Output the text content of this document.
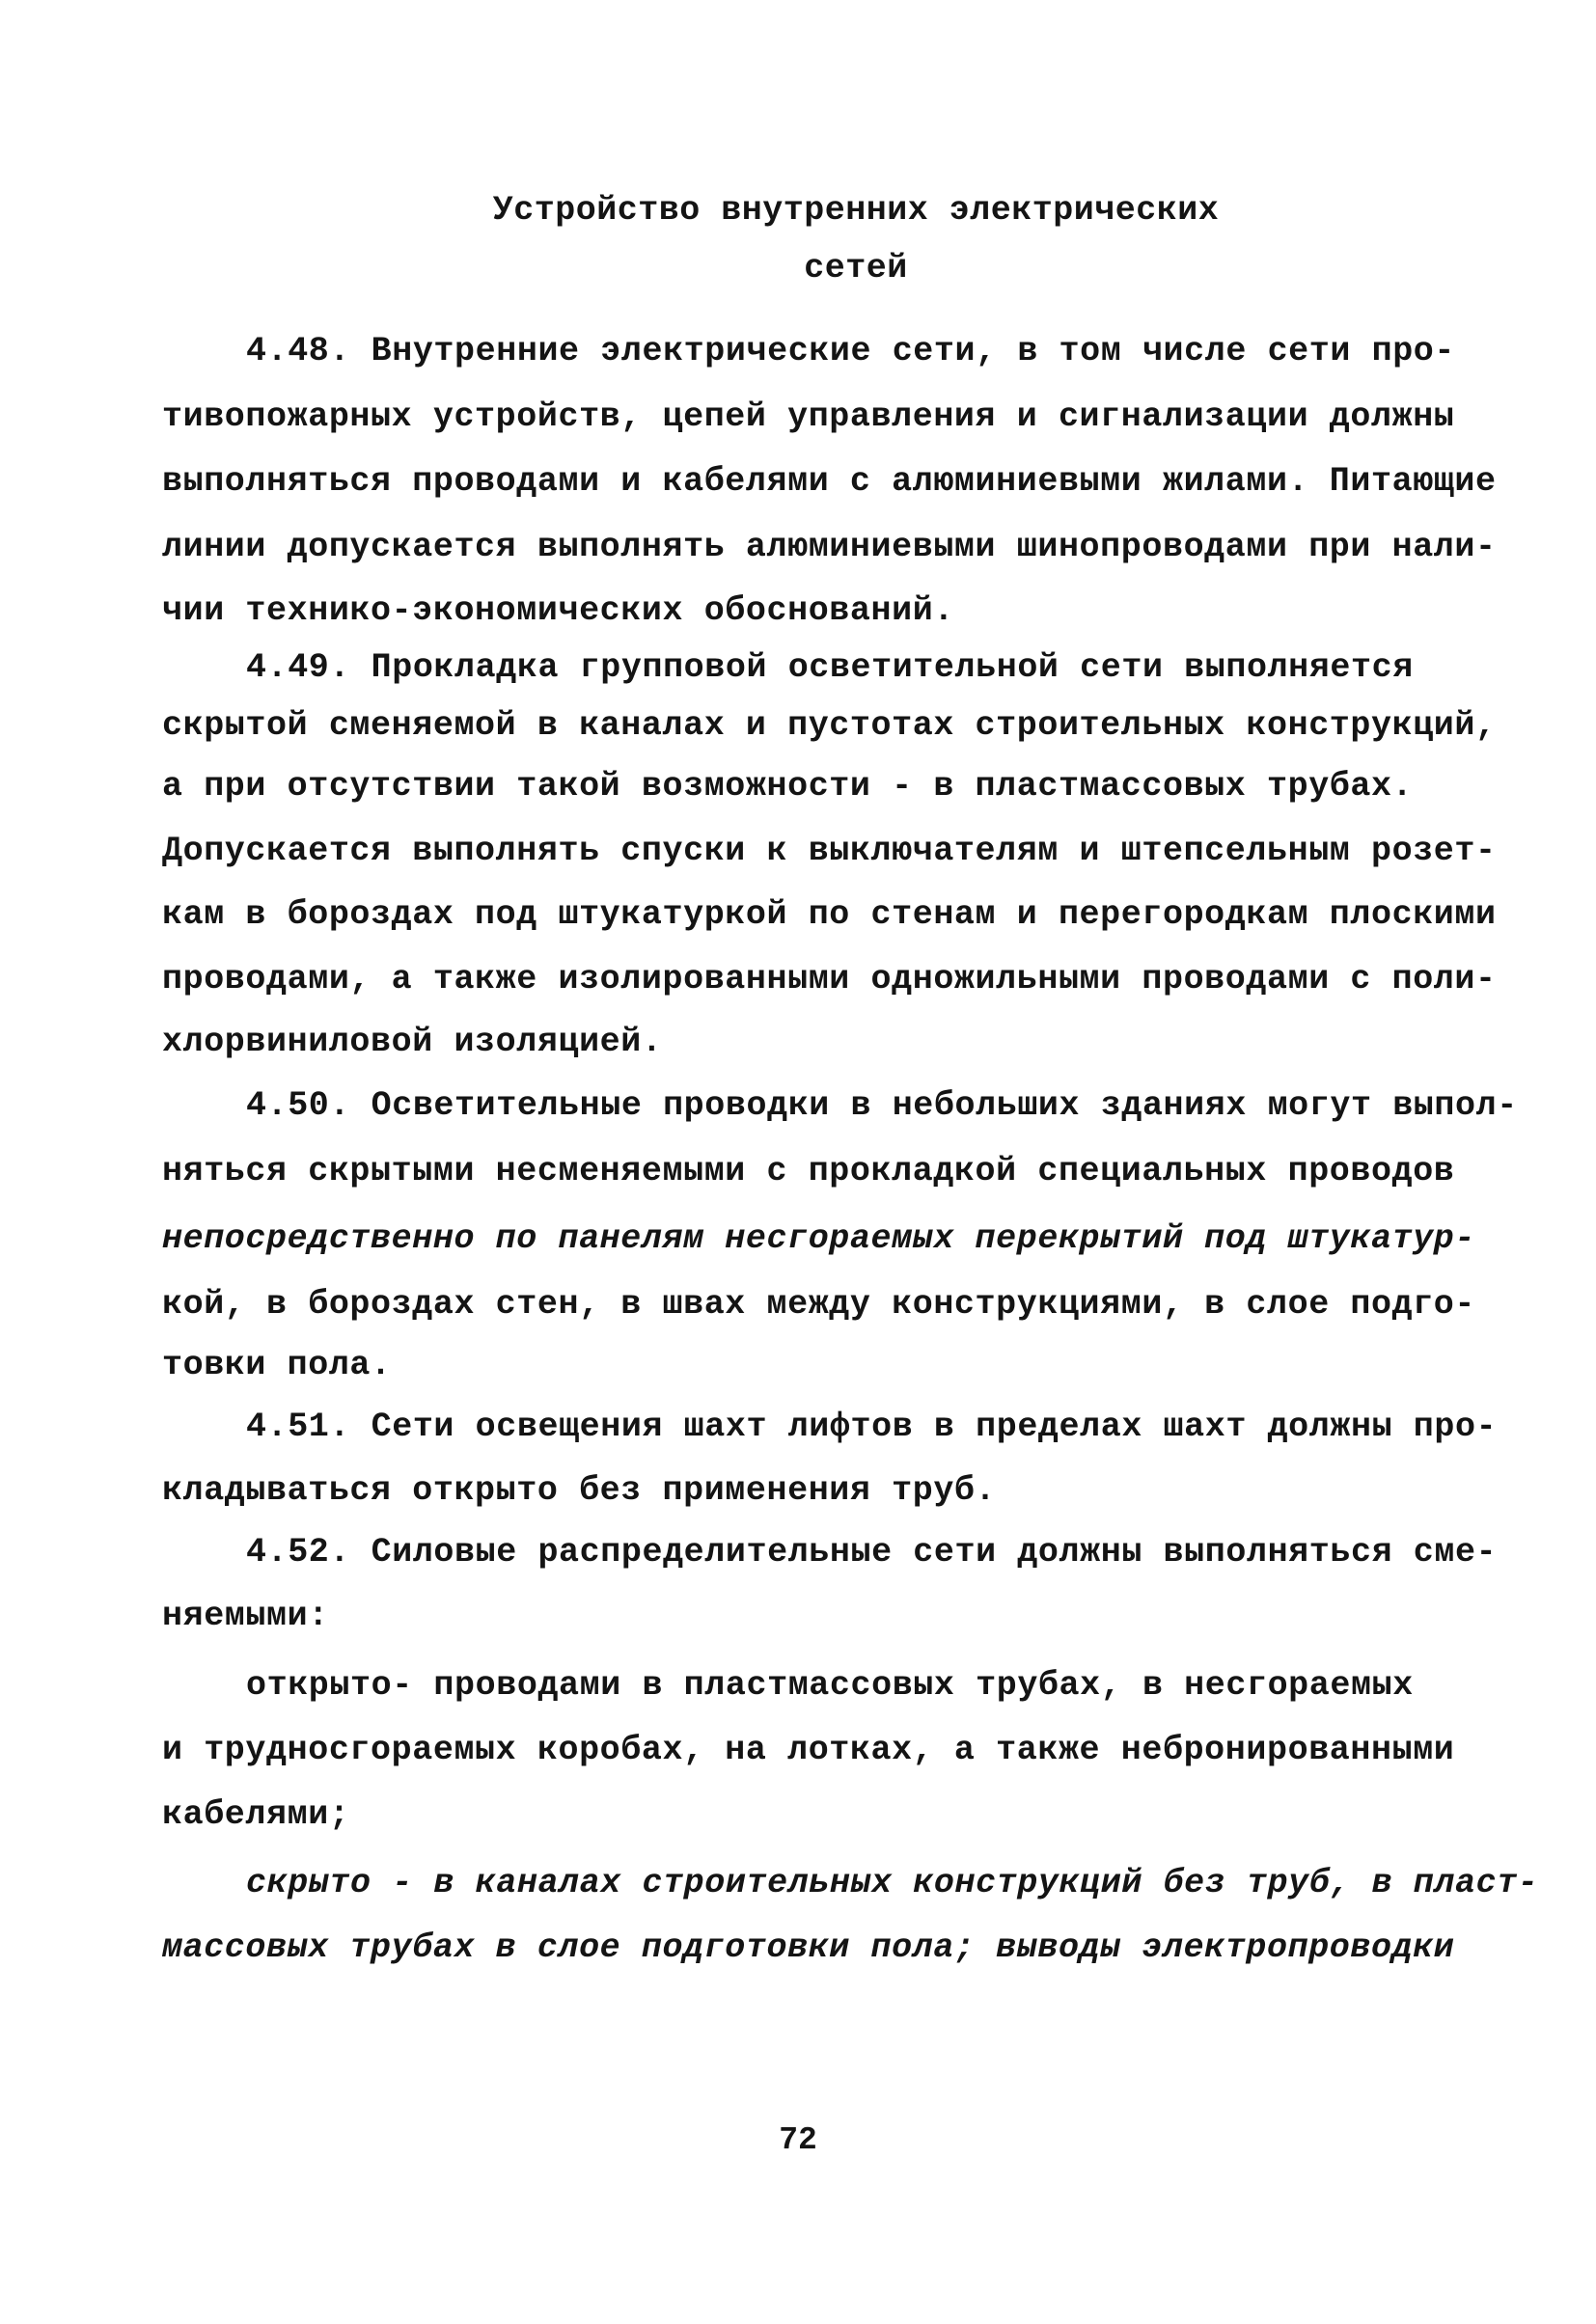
Устройство внутренних электрических
сетей
4.48. Внутренние электрические сети, в том числе сети про-
тивопожарных устройств, цепей управления и сигнализации должны
выполняться проводами и кабелями с алюминиевыми жилами. Питающие
линии допускается выполнять алюминиевыми шинопроводами при нали-
чии технико-экономических обоснований.
4.49. Прокладка групповой осветительной сети выполняется
скрытой сменяемой в каналах и пустотах строительных конструкций,
а при отсутствии такой возможности - в пластмассовых трубах.
Допускается выполнять спуски к выключателям и штепсельным розет-
кам в бороздах под штукатуркой по стенам и перегородкам плоскими
проводами, а также изолированными одножильными проводами с поли-
хлорвиниловой изоляцией.
4.50. Осветительные проводки в небольших зданиях могут выпол-
няться скрытыми несменяемыми с прокладкой специальных проводов
непосредственно по панелям несгораемых перекрытий под штукатур-
кой, в бороздах стен, в швах между конструкциями, в слое подго-
товки пола.
4.51. Сети освещения шахт лифтов в пределах шахт должны про-
кладываться открыто без применения труб.
4.52. Силовые распределительные сети должны выполняться сме-
няемыми:
открыто- проводами в пластмассовых трубах, в несгораемых
и трудносгораемых коробах, на лотках, а также небронированными
кабелями;
скрыто - в каналах строительных конструкций без труб, в пласт-
массовых трубах в слое подготовки пола; выводы электропроводки
72
